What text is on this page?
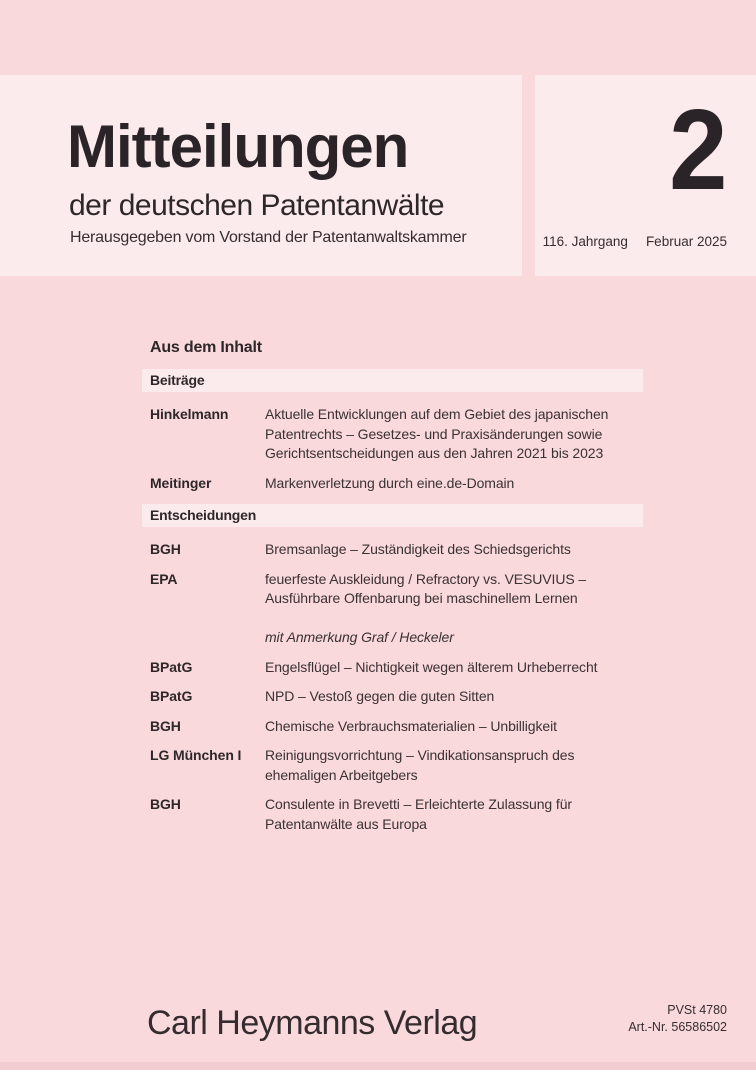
Mitteilungen
der deutschen Patentanwälte
Herausgegeben vom Vorstand der Patentanwaltskammer
2
116. Jahrgang Februar 2025
Aus dem Inhalt
Beiträge
Hinkelmann	Aktuelle Entwicklungen auf dem Gebiet des japanischen
Patentrechts – Gesetzes- und Praxisänderungen sowie
Gerichtsentscheidungen aus den Jahren 2021 bis 2023
Meitinger	Markenverletzung durch eine.de-Domain
Entscheidungen
BGH	Bremsanlage – Zuständigkeit des Schiedsgerichts
EPA	feuerfeste Auskleidung / Refractory vs. VESUVIUS –
Ausführbare Offenbarung bei maschinellem Lernen

mit Anmerkung Graf / Heckeler

BPatG	Engelsflügel – Nichtigkeit wegen älterem Urheberrecht
BPatG	NPD – Vestoß gegen die guten Sitten
BGH	Chemische Verbrauchsmaterialien – Unbilligkeit
LG München I	Reinigungsvorrichtung – Vindikationsanspruch des
ehemaligen Arbeitgebers
BGH	Consulente in Brevetti – Erleichterte Zulassung für
Patentanwälte aus Europa
Carl Heymanns Verlag	PVSt 4780
Art.-Nr. 56586502
